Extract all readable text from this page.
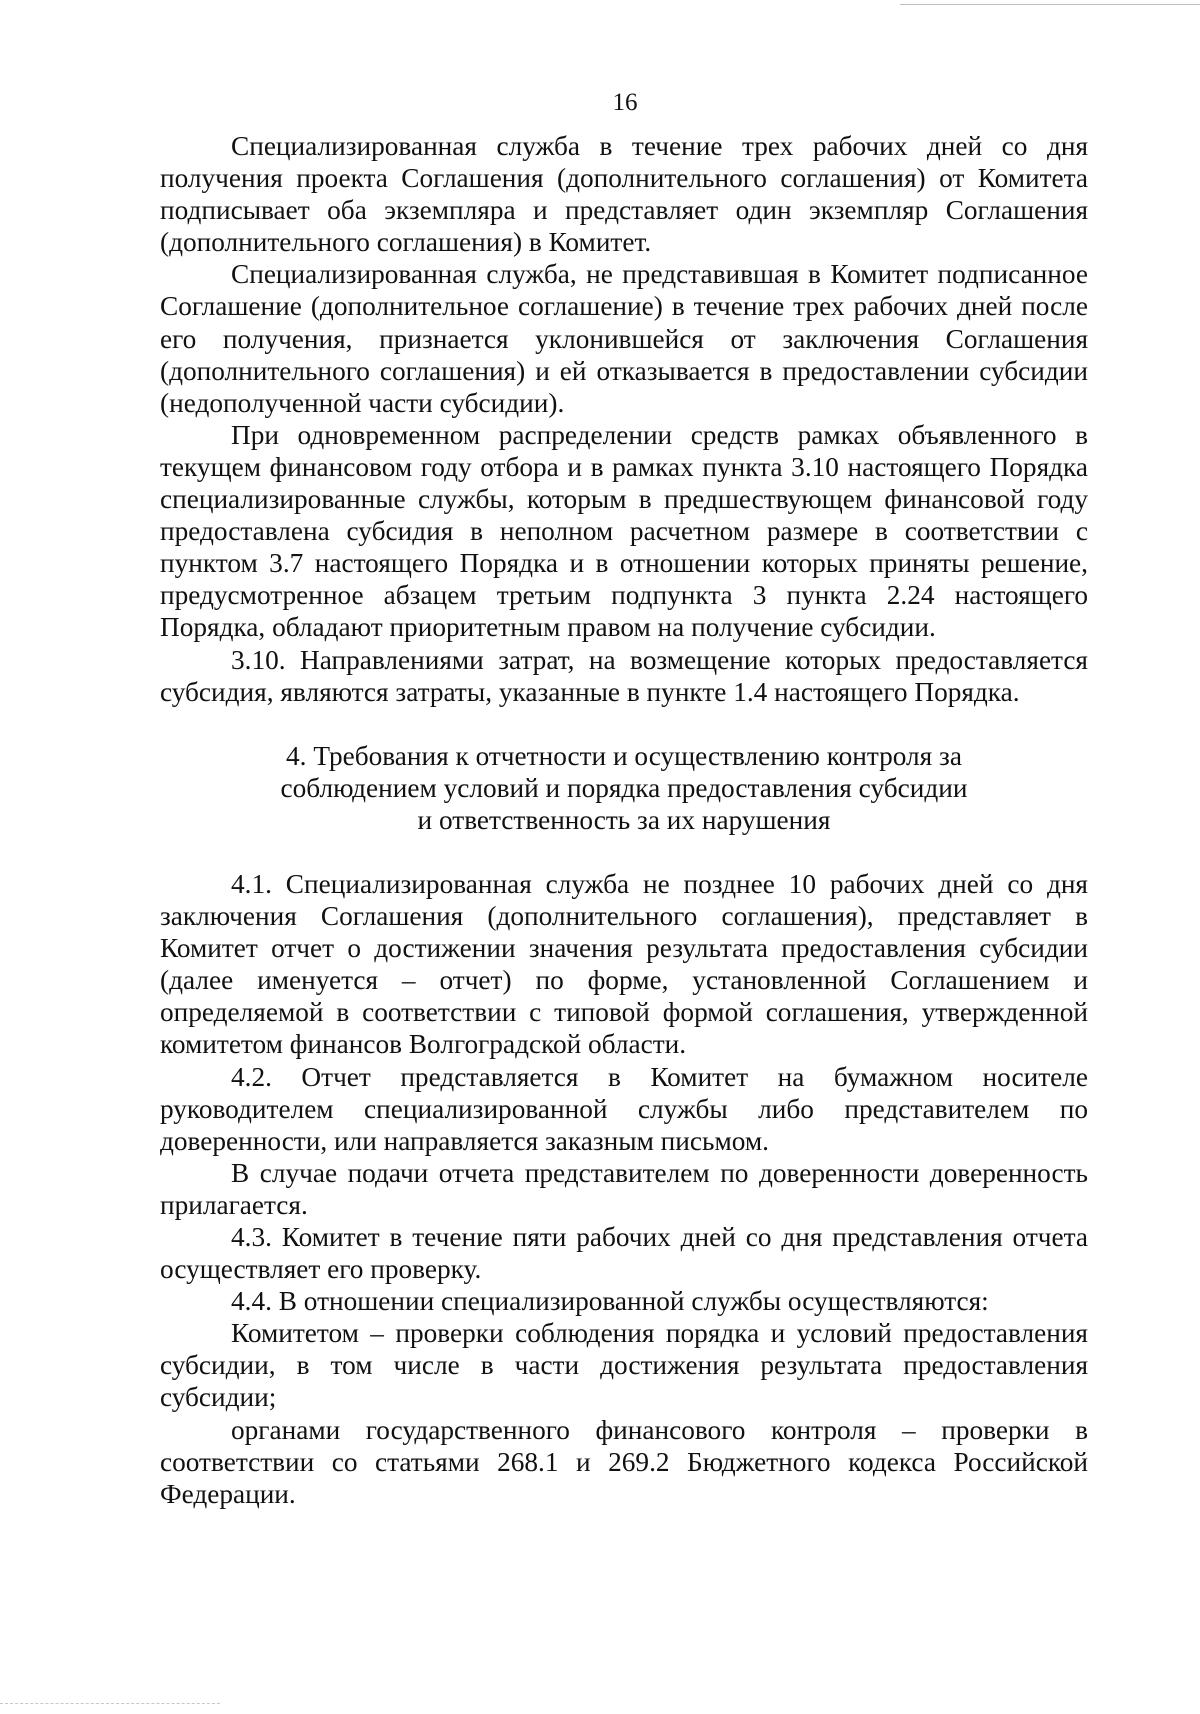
16

Специализированная служба в течение трех рабочих дней со дня получения проекта Соглашения (дополнительного соглашения) от Комитета подписывает оба экземпляра и представляет один экземпляр Соглашения (дополнительного соглашения) в Комитет.

Специализированная служба, не представившая в Комитет подписанное Соглашение (дополнительное соглашение) в течение трех рабочих дней после его получения, признается уклонившейся от заключения Соглашения (дополнительного соглашения) и ей отказывается в предоставлении субсидии (недополученной части субсидии).

При одновременном распределении средств рамках объявленного в текущем финансовом году отбора и в рамках пункта 3.10 настоящего Порядка специализированные службы, которым в предшествующем финансовой году предоставлена субсидия в неполном расчетном размере в соответствии с пунктом 3.7 настоящего Порядка и в отношении которых приняты решение, предусмотренное абзацем третьим подпункта 3 пункта 2.24 настоящего Порядка, обладают приоритетным правом на получение субсидии.

3.10. Направлениями затрат, на возмещение которых предоставляется субсидия, являются затраты, указанные в пункте 1.4 настоящего Порядка.

4. Требования к отчетности и осуществлению контроля за
соблюдением условий и порядка предоставления субсидии
и ответственность за их нарушения

4.1. Специализированная служба не позднее 10 рабочих дней со дня заключения Соглашения (дополнительного соглашения), представляет в Комитет отчет о достижении значения результата предоставления субсидии (далее именуется – отчет) по форме, установленной Соглашением и определяемой в соответствии с типовой формой соглашения, утвержденной комитетом финансов Волгоградской области.

4.2. Отчет представляется в Комитет на бумажном носителе руководителем специализированной службы либо представителем по доверенности, или направляется заказным письмом.

В случае подачи отчета представителем по доверенности доверенность прилагается.

4.3. Комитет в течение пяти рабочих дней со дня представления отчета осуществляет его проверку.

4.4. В отношении специализированной службы осуществляются:

Комитетом – проверки соблюдения порядка и условий предоставления субсидии, в том числе в части достижения результата предоставления субсидии;

органами государственного финансового контроля – проверки в соответствии со статьями 268.1 и 269.2 Бюджетного кодекса Российской Федерации.
